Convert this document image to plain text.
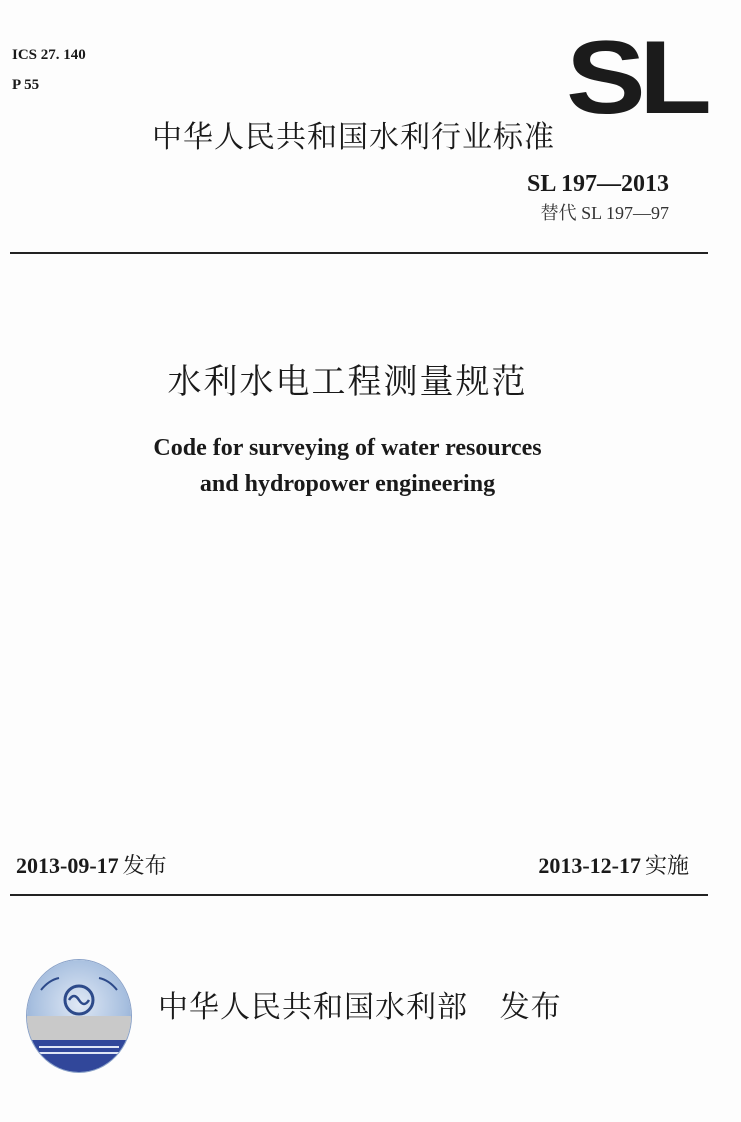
ICS 27. 140
P 55	SL
中华人民共和国水利行业标准
SL 197—2013
替代 SL 197—97
水利水电工程测量规范
Code for surveying of water resources
and hydropower engineering
2013-09-17 发布	2013-12-17 实施
中华人民共和国水利部 发布
